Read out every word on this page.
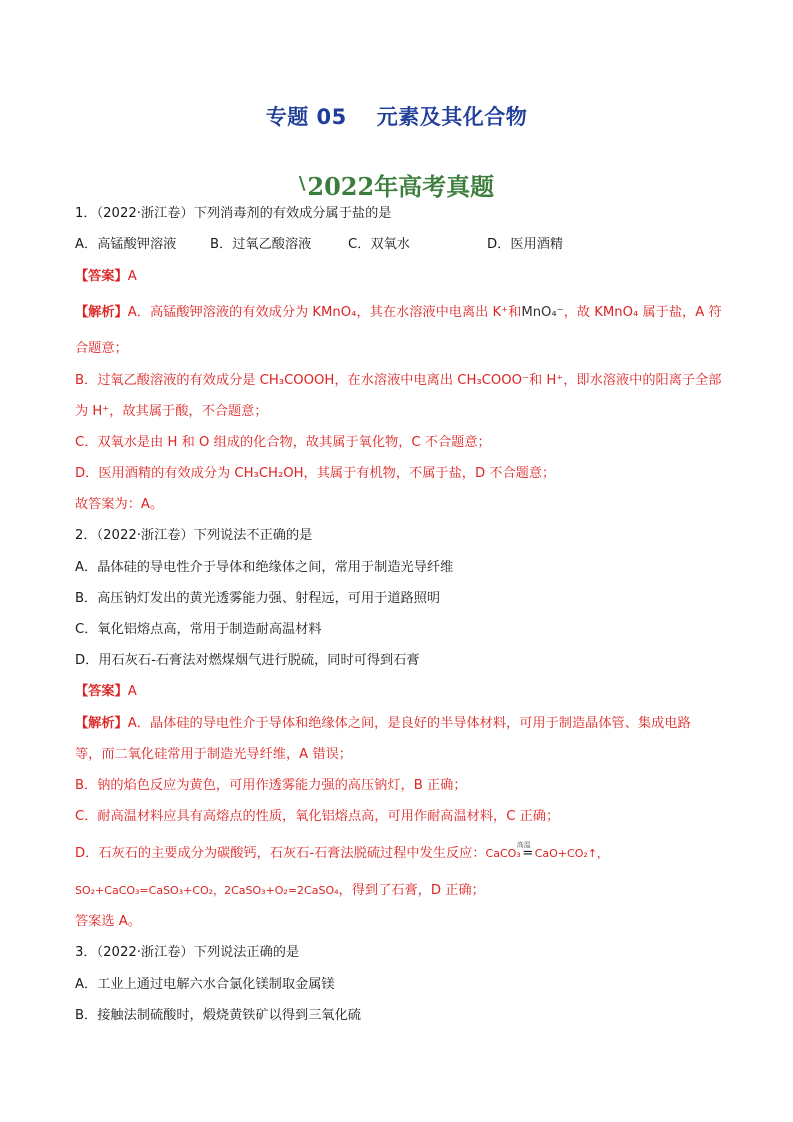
专题 05 元素及其化合物
\2022年高考真题
1．（2022·浙江卷）下列消毒剂的有效成分属于盐的是
A．高锰酸钾溶液	B．过氧乙酸溶液	C．双氧水	D．医用酒精
【答案】A
【解析】A．高锰酸钾溶液的有效成分为 KMnO₄，其在水溶液中电离出 K⁺和MnO₄⁻，故 KMnO₄ 属于盐，A 符
合题意；
B．过氧乙酸溶液的有效成分是 CH₃COOOH，在水溶液中电离出 CH₃COOO⁻和 H⁺，即水溶液中的阳离子全部
为 H⁺，故其属于酸，不合题意；
C．双氧水是由 H 和 O 组成的化合物，故其属于氧化物，C 不合题意；
D．医用酒精的有效成分为 CH₃CH₂OH，其属于有机物，不属于盐，D 不合题意；
故答案为：A。
2．（2022·浙江卷）下列说法不正确的是
A．晶体硅的导电性介于导体和绝缘体之间，常用于制造光导纤维
B．高压钠灯发出的黄光透雾能力强、射程远，可用于道路照明
C．氧化铝熔点高，常用于制造耐高温材料
D．用石灰石-石膏法对燃煤烟气进行脱硫，同时可得到石膏
【答案】A
【解析】A．晶体硅的导电性介于导体和绝缘体之间，是良好的半导体材料，可用于制造晶体管、集成电路
等，而二氧化硅常用于制造光导纤维，A 错误；
B．钠的焰色反应为黄色，可用作透雾能力强的高压钠灯，B 正确；
C．耐高温材料应具有高熔点的性质，氧化铝熔点高，可用作耐高温材料，C 正确；
D．石灰石的主要成分为碳酸钙，石灰石-石膏法脱硫过程中发生反应：CaCO₃
高温
=CaO+CO₂↑，
SO₂+CaCO₃=CaSO₃+CO₂，2CaSO₃+O₂=2CaSO₄，得到了石膏，D 正确；
答案选 A。
3．（2022·浙江卷）下列说法正确的是
A．工业上通过电解六水合氯化镁制取金属镁
B．接触法制硫酸时，煅烧黄铁矿以得到三氧化硫
